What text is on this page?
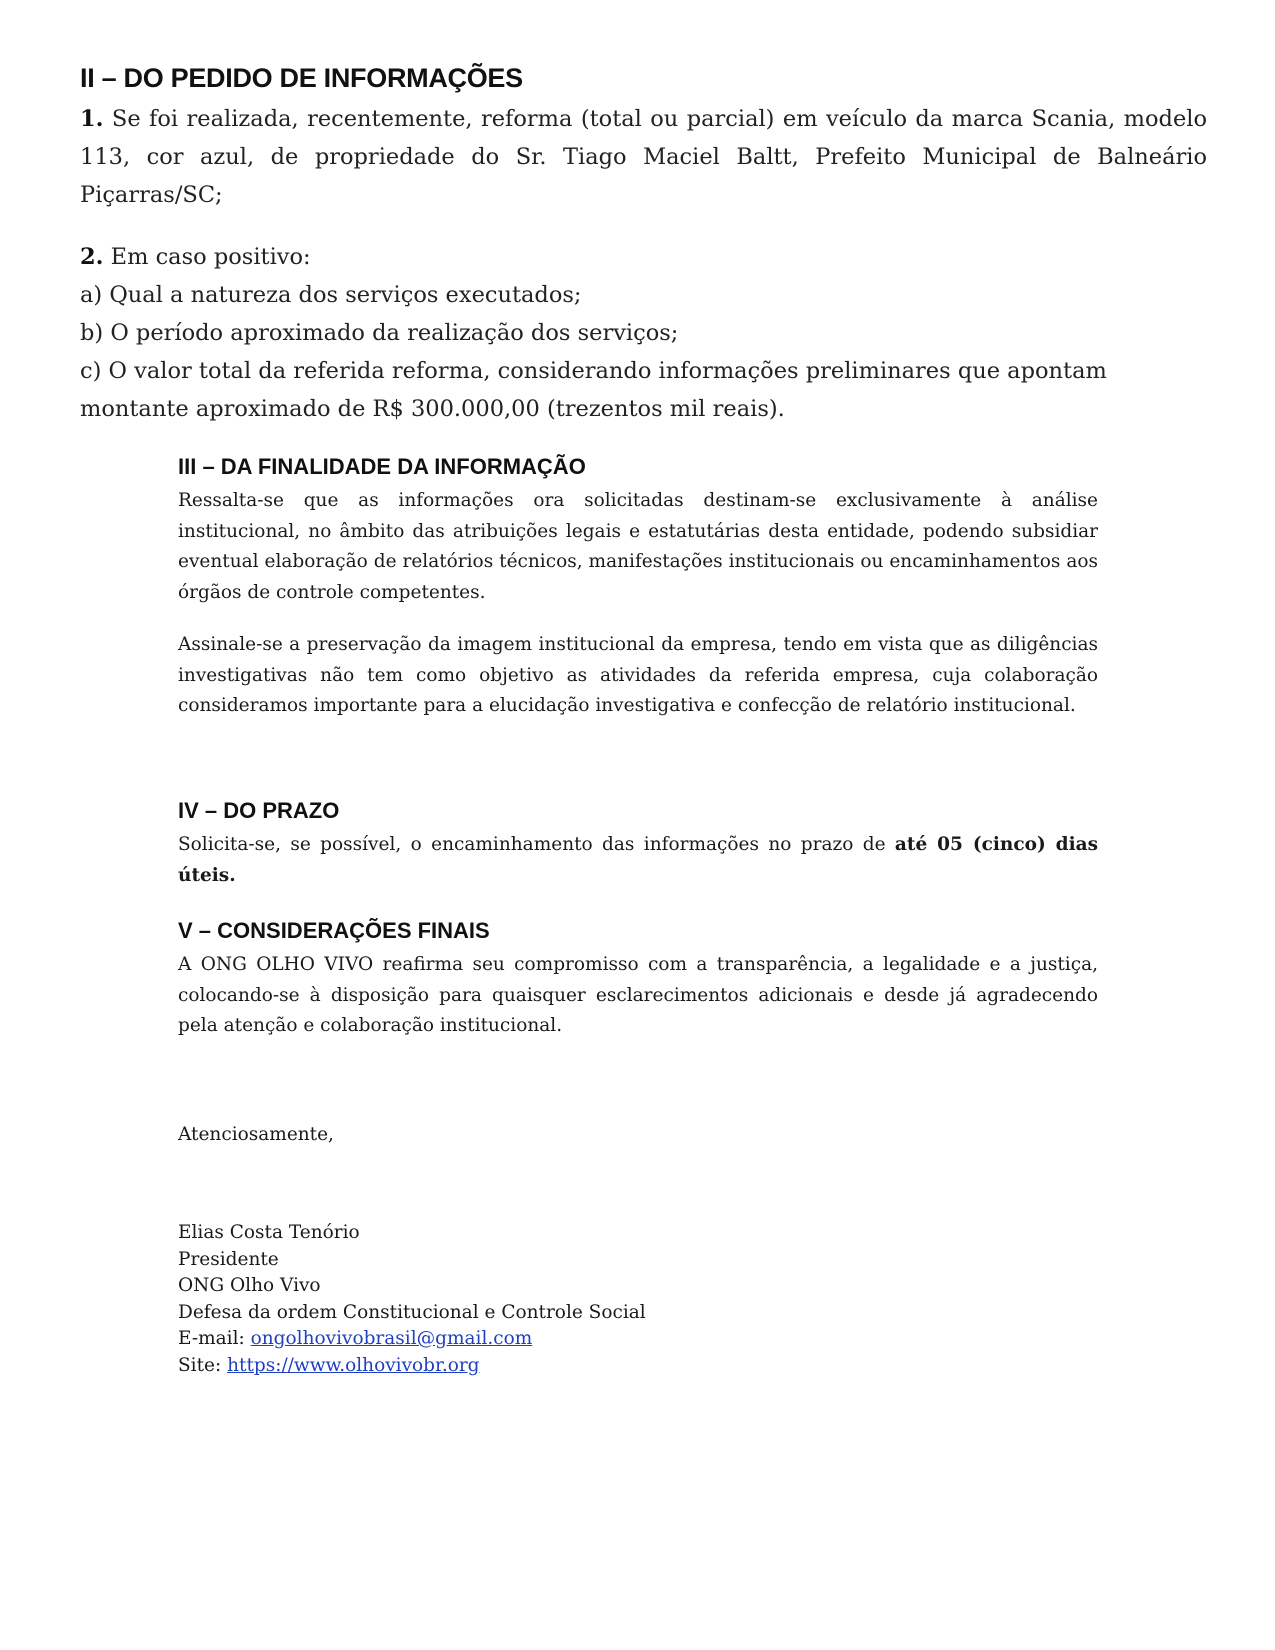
II – DO PEDIDO DE INFORMAÇÕES

1. Se foi realizada, recentemente, reforma (total ou parcial) em veículo da marca Scania, modelo 113, cor azul, de propriedade do Sr. Tiago Maciel Baltt, Prefeito Municipal de Balneário Piçarras/SC;

2. Em caso positivo:

a) Qual a natureza dos serviços executados;

b) O período aproximado da realização dos serviços;

c) O valor total da referida reforma, considerando informações preliminares que apontam montante aproximado de R$ 300.000,00 (trezentos mil reais).

III – DA FINALIDADE DA INFORMAÇÃO

Ressalta-se que as informações ora solicitadas destinam-se exclusivamente à análise institucional, no âmbito das atribuições legais e estatutárias desta entidade, podendo subsidiar eventual elaboração de relatórios técnicos, manifestações institucionais ou encaminhamentos aos órgãos de controle competentes.

Assinale-se a preservação da imagem institucional da empresa, tendo em vista que as diligências investigativas não tem como objetivo as atividades da referida empresa, cuja colaboração consideramos importante para a elucidação investigativa e confecção de relatório institucional.

IV – DO PRAZO

Solicita-se, se possível, o encaminhamento das informações no prazo de até 05 (cinco) dias úteis.

V – CONSIDERAÇÕES FINAIS

A ONG OLHO VIVO reafirma seu compromisso com a transparência, a legalidade e a justiça, colocando-se à disposição para quaisquer esclarecimentos adicionais e desde já agradecendo pela atenção e colaboração institucional.

Atenciosamente,
Elias Costa Tenório
Presidente
ONG Olho Vivo
Defesa da ordem Constitucional e Controle Social
E-mail: ongolhovivobrasil@gmail.com
Site: https://www.olhovivobr.org
